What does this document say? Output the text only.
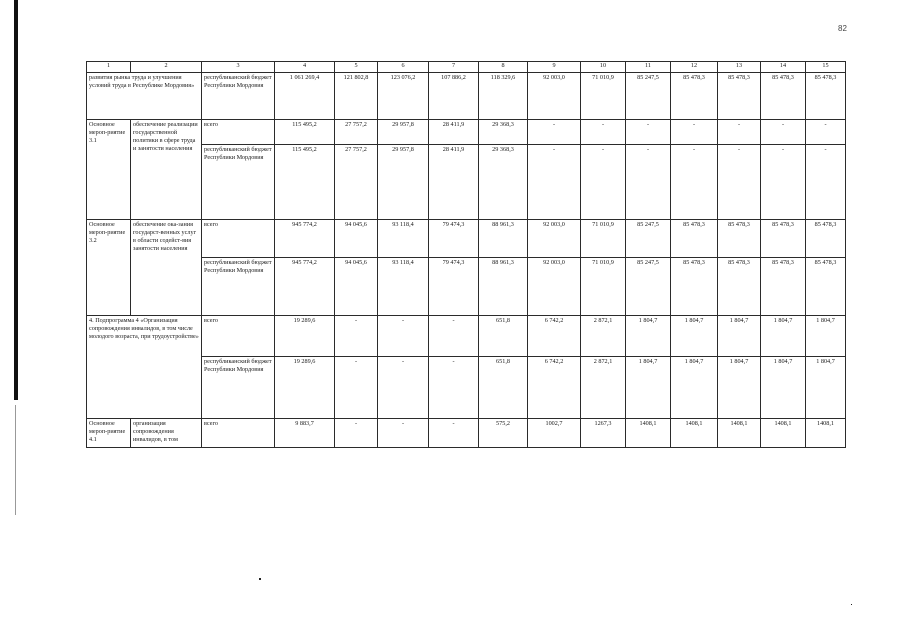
82
1	2	3	4	5	6	7	8	9	10	11	12	13	14	15
развития рынка труда и улучшения условий труда в Республике Мордовия»		республиканский бюджет Республики Мордовия	1 061 269,4	121 802,8	123 076,2	107 886,2	118 329,6	92 003,0	71 010,9	85 247,5	85 478,3	85 478,3	85 478,3	85 478,3
Основное мероп-риятие 3.1	обеспечение реализации государственной политики в сфере труда и занятости населения	всего	115 495,2	27 757,2	29 957,8	28 411,9	29 368,3	-	-	-	-	-	-	-
		республиканский бюджет Республики Мордовия	115 495,2	27 757,2	29 957,8	28 411,9	29 368,3	-	-	-	-	-	-	-
Основное мероп-риятие 3.2	обеспечение ока-зания государст-венных услуг в области содейст-вия занятости населения	всего	945 774,2	94 045,6	93 118,4	79 474,3	88 961,3	92 003,0	71 010,9	85 247,5	85 478,3	85 478,3	85 478,3	85 478,3
		республиканский бюджет Республики Мордовия	945 774,2	94 045,6	93 118,4	79 474,3	88 961,3	92 003,0	71 010,9	85 247,5	85 478,3	85 478,3	85 478,3	85 478,3
4. Подпрограмма 4 «Организация сопровождения инвалидов, в том числе молодого возраста, при трудоустройстве»		всего	19 289,6	-	-	-	651,8	6 742,2	2 872,1	1 804,7	1 804,7	1 804,7	1 804,7	1 804,7
		республиканский бюджет Республики Мордовия	19 289,6	-	-	-	651,8	6 742,2	2 872,1	1 804,7	1 804,7	1 804,7	1 804,7	1 804,7
Основное мероп-риятие 4.1	организация сопровождения инвалидов, в том	всего	9 883,7	-	-	-	575,2	1002,7	1267,3	1408,1	1408,1	1408,1	1408,1	1408,1
